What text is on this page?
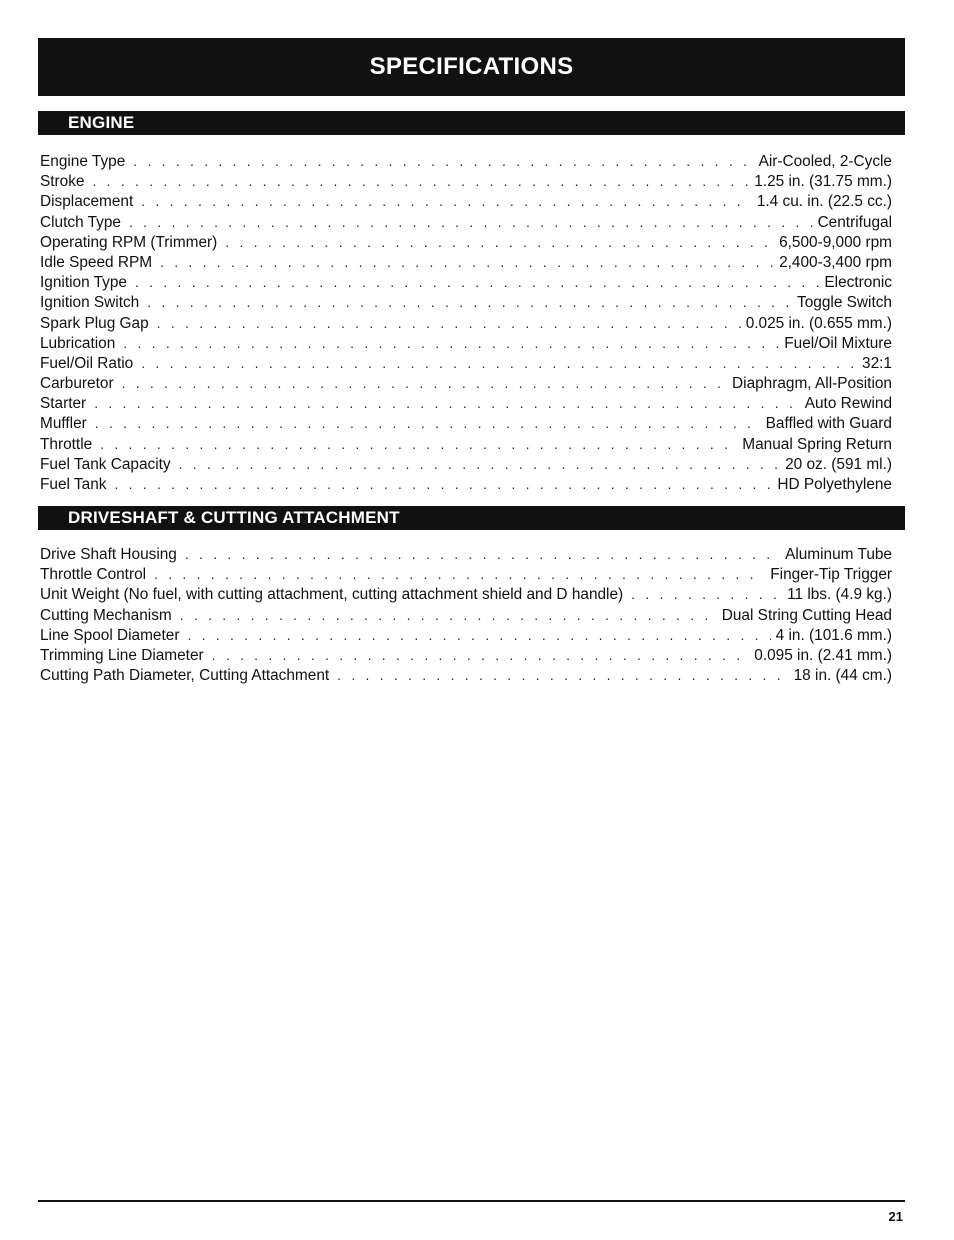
SPECIFICATIONS
ENGINE
Engine Type . . .	Air-Cooled, 2-Cycle
Stroke . . .	1.25 in. (31.75 mm.)
Displacement . . .	1.4 cu. in. (22.5 cc.)
Clutch Type . . .	Centrifugal
Operating RPM (Trimmer) . . .	6,500-9,000 rpm
Idle Speed RPM . . .	2,400-3,400 rpm
Ignition Type . . .	Electronic
Ignition Switch . . .	Toggle Switch
Spark Plug Gap . . .	0.025 in. (0.655 mm.)
Lubrication . . .	Fuel/Oil Mixture
Fuel/Oil Ratio . . .	32:1
Carburetor . . .	Diaphragm, All-Position
Starter . . .	Auto Rewind
Muffler . . .	Baffled with Guard
Throttle . . .	Manual Spring Return
Fuel Tank Capacity . . .	20 oz. (591 ml.)
Fuel Tank . . .	HD Polyethylene
DRIVESHAFT & CUTTING ATTACHMENT
Drive Shaft Housing . . .	Aluminum Tube
Throttle Control . . .	Finger-Tip Trigger
Unit Weight (No fuel, with cutting attachment, cutting attachment shield and D handle) . . .	11 lbs. (4.9 kg.)
Cutting Mechanism . . .	Dual String Cutting Head
Line Spool Diameter . . .	4 in. (101.6 mm.)
Trimming Line Diameter . . .	0.095 in. (2.41 mm.)
Cutting Path Diameter, Cutting Attachment . . .	18 in. (44 cm.)
21
